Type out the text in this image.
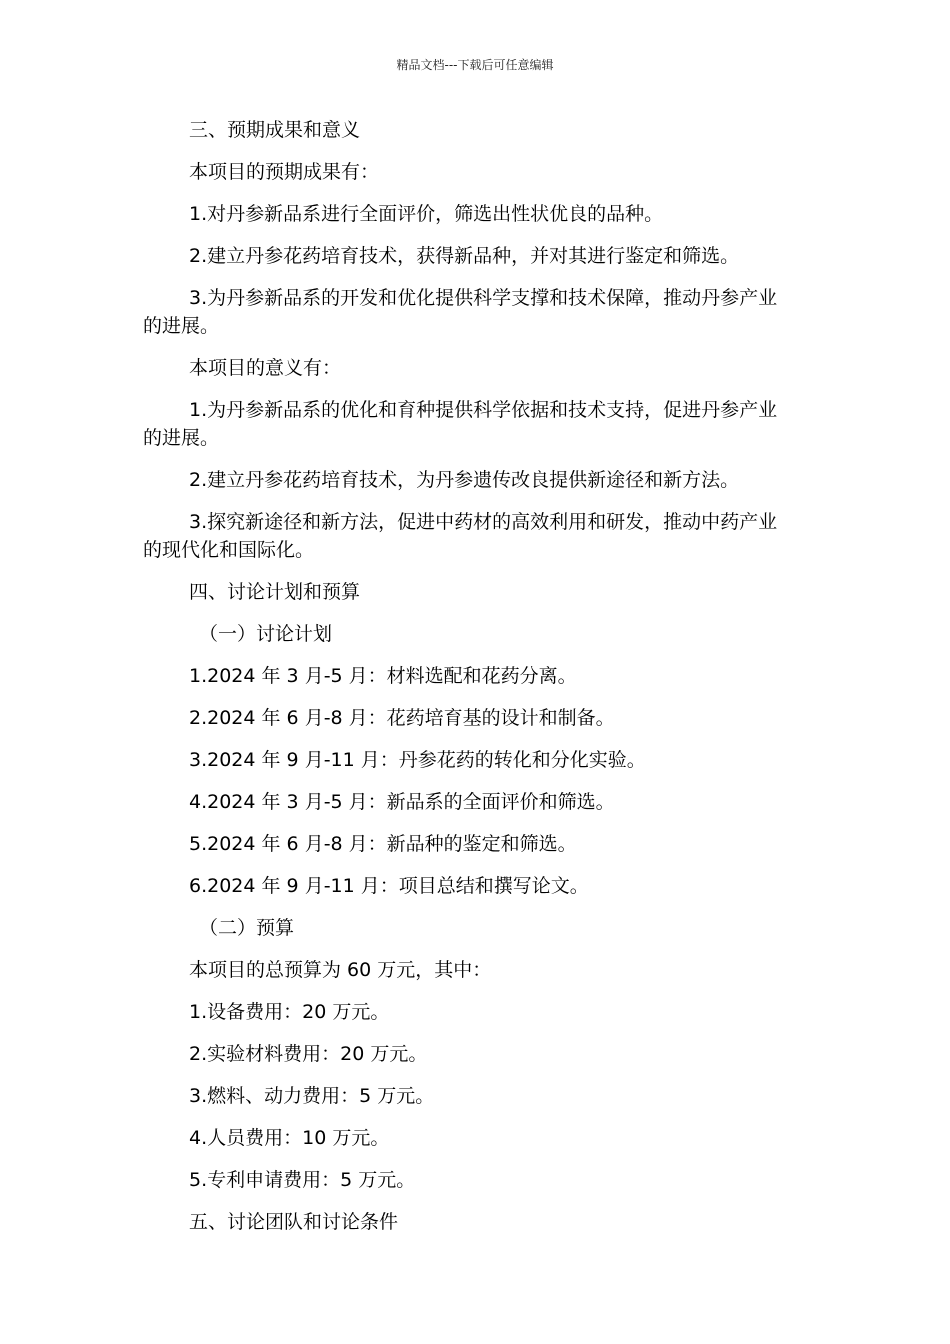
精品文档---下载后可任意编辑

三、预期成果和意义

本项目的预期成果有：

1.对丹参新品系进行全面评价，筛选出性状优良的品种。

2.建立丹参花药培育技术，获得新品种，并对其进行鉴定和筛选。

3.为丹参新品系的开发和优化提供科学支撑和技术保障，推动丹参产业的进展。

本项目的意义有：

1.为丹参新品系的优化和育种提供科学依据和技术支持，促进丹参产业的进展。

2.建立丹参花药培育技术，为丹参遗传改良提供新途径和新方法。

3.探究新途径和新方法，促进中药材的高效利用和研发，推动中药产业的现代化和国际化。

四、讨论计划和预算

（一）讨论计划

1.2024 年 3 月-5 月：材料选配和花药分离。

2.2024 年 6 月-8 月：花药培育基的设计和制备。

3.2024 年 9 月-11 月：丹参花药的转化和分化实验。

4.2024 年 3 月-5 月：新品系的全面评价和筛选。

5.2024 年 6 月-8 月：新品种的鉴定和筛选。

6.2024 年 9 月-11 月：项目总结和撰写论文。

（二）预算

本项目的总预算为 60 万元，其中：

1.设备费用：20 万元。

2.实验材料费用：20 万元。

3.燃料、动力费用：5 万元。

4.人员费用：10 万元。

5.专利申请费用：5 万元。

五、讨论团队和讨论条件
